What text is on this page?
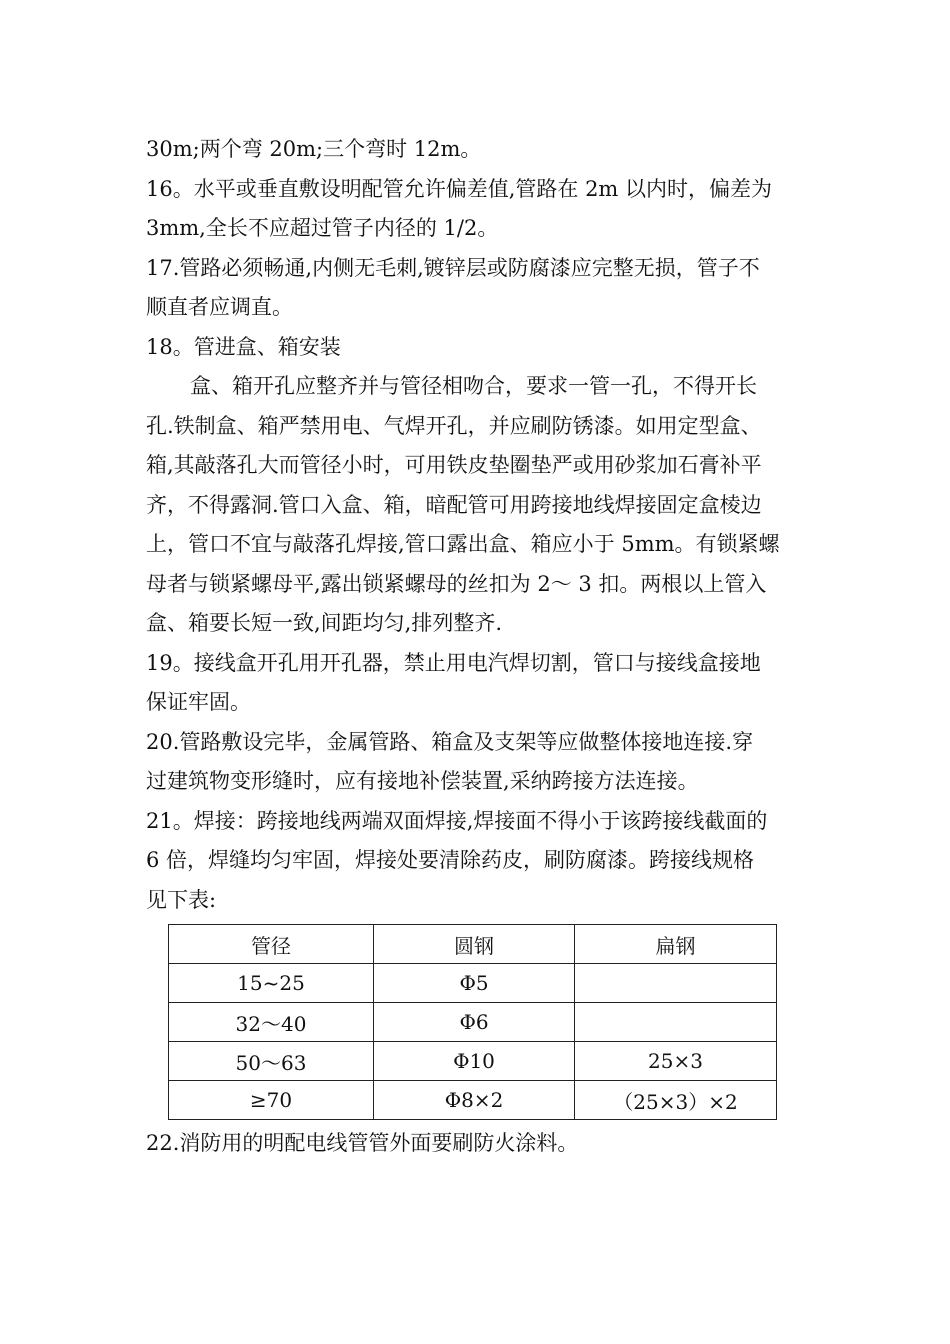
30m;两个弯 20m;三个弯时 12m。
16。水平或垂直敷设明配管允许偏差值,管路在 2m 以内时，偏差为
3mm,全长不应超过管子内径的 1/2。
17.管路必须畅通,内侧无毛刺,镀锌层或防腐漆应完整无损，管子不
顺直者应调直。
18。管进盒、箱安装
盒、箱开孔应整齐并与管径相吻合，要求一管一孔，不得开长
孔.铁制盒、箱严禁用电、气焊开孔，并应刷防锈漆。如用定型盒、
箱,其敲落孔大而管径小时，可用铁皮垫圈垫严或用砂浆加石膏补平
齐，不得露洞.管口入盒、箱，暗配管可用跨接地线焊接固定盒棱边
上，管口不宜与敲落孔焊接,管口露出盒、箱应小于 5mm。有锁紧螺
母者与锁紧螺母平,露出锁紧螺母的丝扣为 2～ 3 扣。两根以上管入
盒、箱要长短一致,间距均匀,排列整齐.
19。接线盒开孔用开孔器，禁止用电汽焊切割，管口与接线盒接地
保证牢固。
20.管路敷设完毕，金属管路、箱盒及支架等应做整体接地连接.穿
过建筑物变形缝时，应有接地补偿装置,采纳跨接方法连接。
21。焊接：跨接地线两端双面焊接,焊接面不得小于该跨接线截面的
6 倍，焊缝均匀牢固，焊接处要清除药皮，刷防腐漆。跨接线规格
见下表:
管径	圆钢	扁钢
15~25	Φ5	
32～40	Φ6	
50～63	Φ10	25×3
≥70	Φ8×2	（25×3）×2
22.消防用的明配电线管管外面要刷防火涂料。
